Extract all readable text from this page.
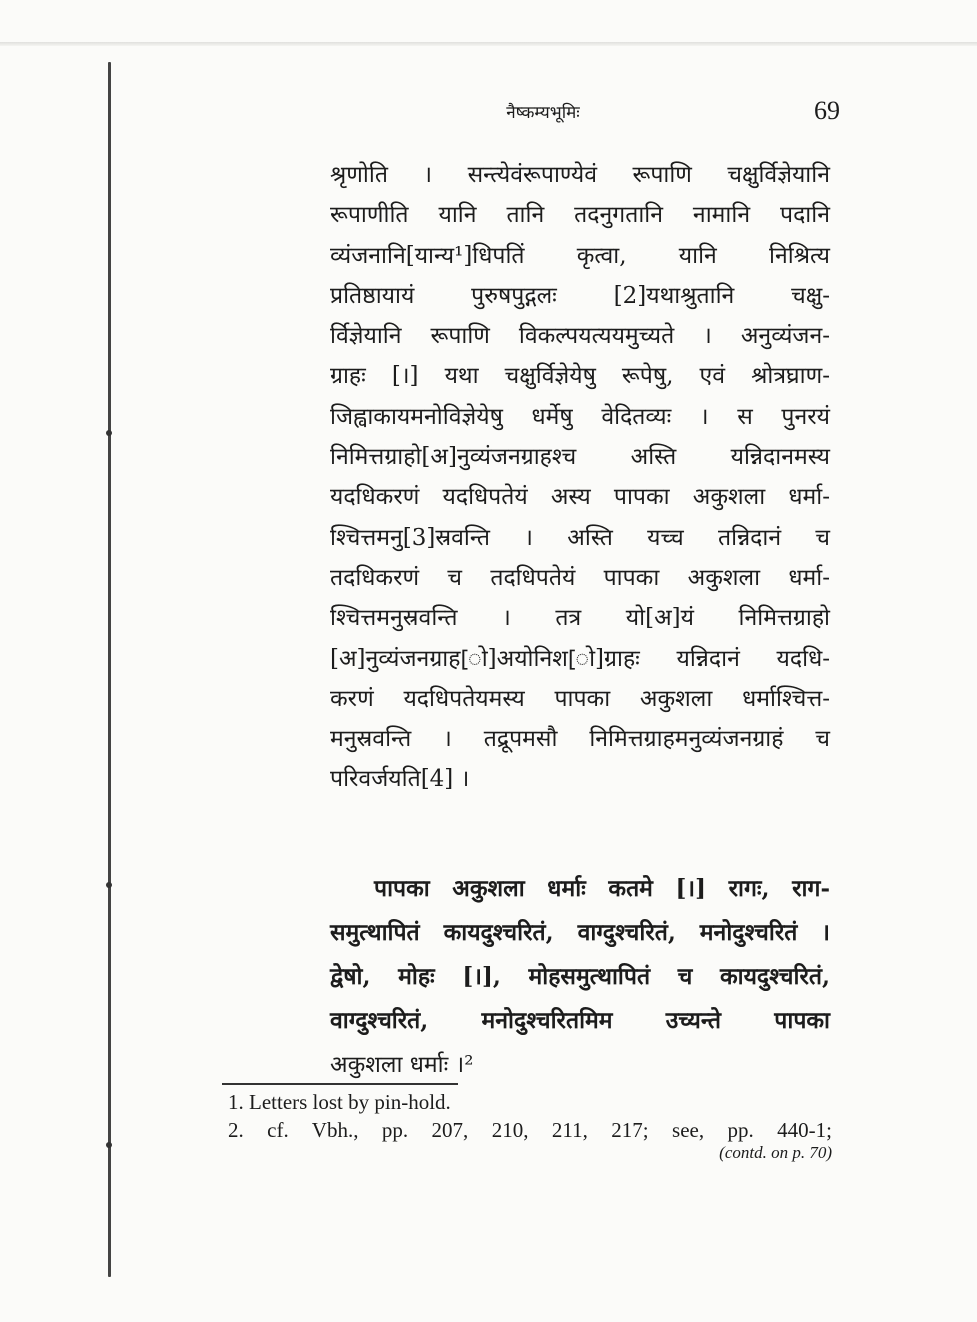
नैष्कम्यभूमिः	69
श्रृणोति । सन्त्येवंरूपाण्येवं रूपाणि चक्षुर्विज्ञेयानि
रूपाणीति यानि तानि तदनुगतानि नामानि पदानि
व्यंजनानि[यान्य¹]धिपतिं कृत्वा, यानि निश्रित्य
प्रतिष्ठायायं पुरुषपुद्गलः [2]यथाश्रुतानि चक्षु-
र्विज्ञेयानि रूपाणि विकल्पयत्ययमुच्यते । अनुव्यंजन-
ग्राहः [।] यथा चक्षुर्विज्ञेयेषु रूपेषु, एवं श्रोत्रघ्राण-
जिह्वाकायमनोविज्ञेयेषु धर्मेषु वेदितव्यः । स पुनरयं
निमित्तग्राहो[अ]नुव्यंजनग्राहश्च अस्ति यन्निदानमस्य
यदधिकरणं यदधिपतेयं अस्य पापका अकुशला धर्मा-
श्चित्तमनु[3]स्रवन्ति । अस्ति यच्च तन्निदानं च
तदधिकरणं च तदधिपतेयं पापका अकुशला धर्मा-
श्चित्तमनुस्रवन्ति । तत्र यो[अ]यं निमित्तग्राहो
[अ]नुव्यंजनग्राह[ो]अयोनिश[ो]ग्राहः यन्निदानं यदधि-
करणं यदधिपतेयमस्य पापका अकुशला धर्माश्चित्त-
मनुस्रवन्ति । तद्रूपमसौ निमित्तग्राहमनुव्यंजनग्राहं च
परिवर्जयति[4] ।
पापका अकुशला धर्माः कतमे [।] रागः, राग-
समुत्थापितं कायदुश्चरितं, वाग्दुश्चरितं, मनोदुश्चरितं ।
द्वेषो, मोहः [।], मोहसमुत्थापितं च कायदुश्चरितं,
वाग्दुश्चरितं, मनोदुश्चरितमिम उच्यन्ते पापका
अकुशला धर्माः ।²
1. Letters lost by pin-hold.
2. cf. Vbh., pp. 207, 210, 211, 217; see, pp. 440-1;
(contd. on p. 70)
